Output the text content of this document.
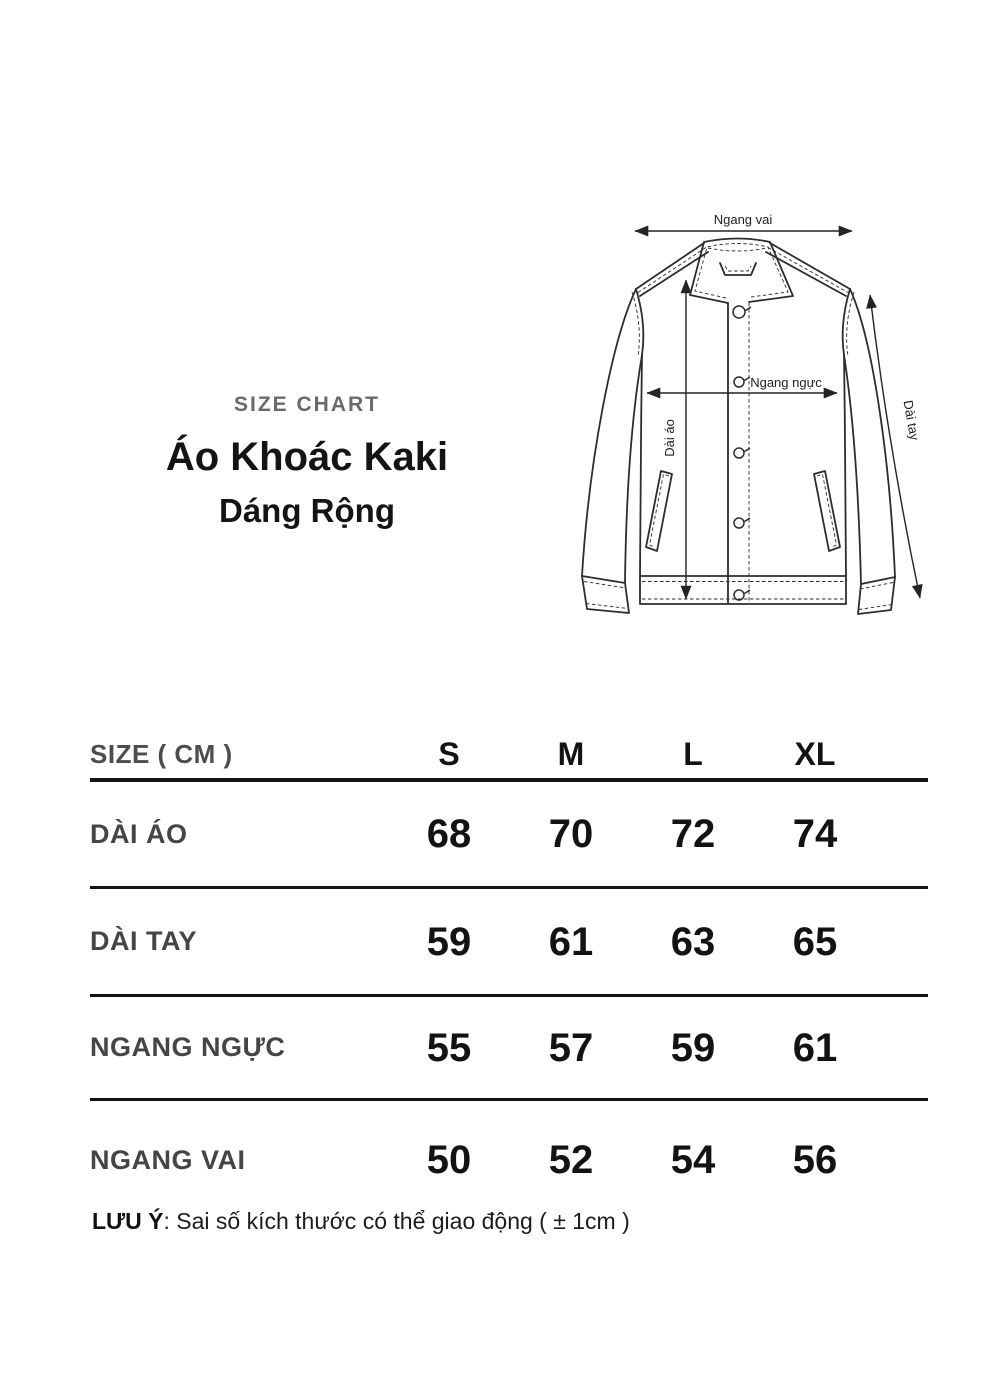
SIZE CHART
Áo Khoác Kaki
Dáng Rộng
Ngang vai
Ngang ngực
Dài áo	Dài tay
SIZE ( CM )	S	M	L	XL
DÀI ÁO	68	70	72	74
DÀI TAY	59	61	63	65
NGANG NGỰC	55	57	59	61
NGANG VAI	50	52	54	56
LƯU Ý: Sai số kích thước có thể giao động ( ± 1cm )
